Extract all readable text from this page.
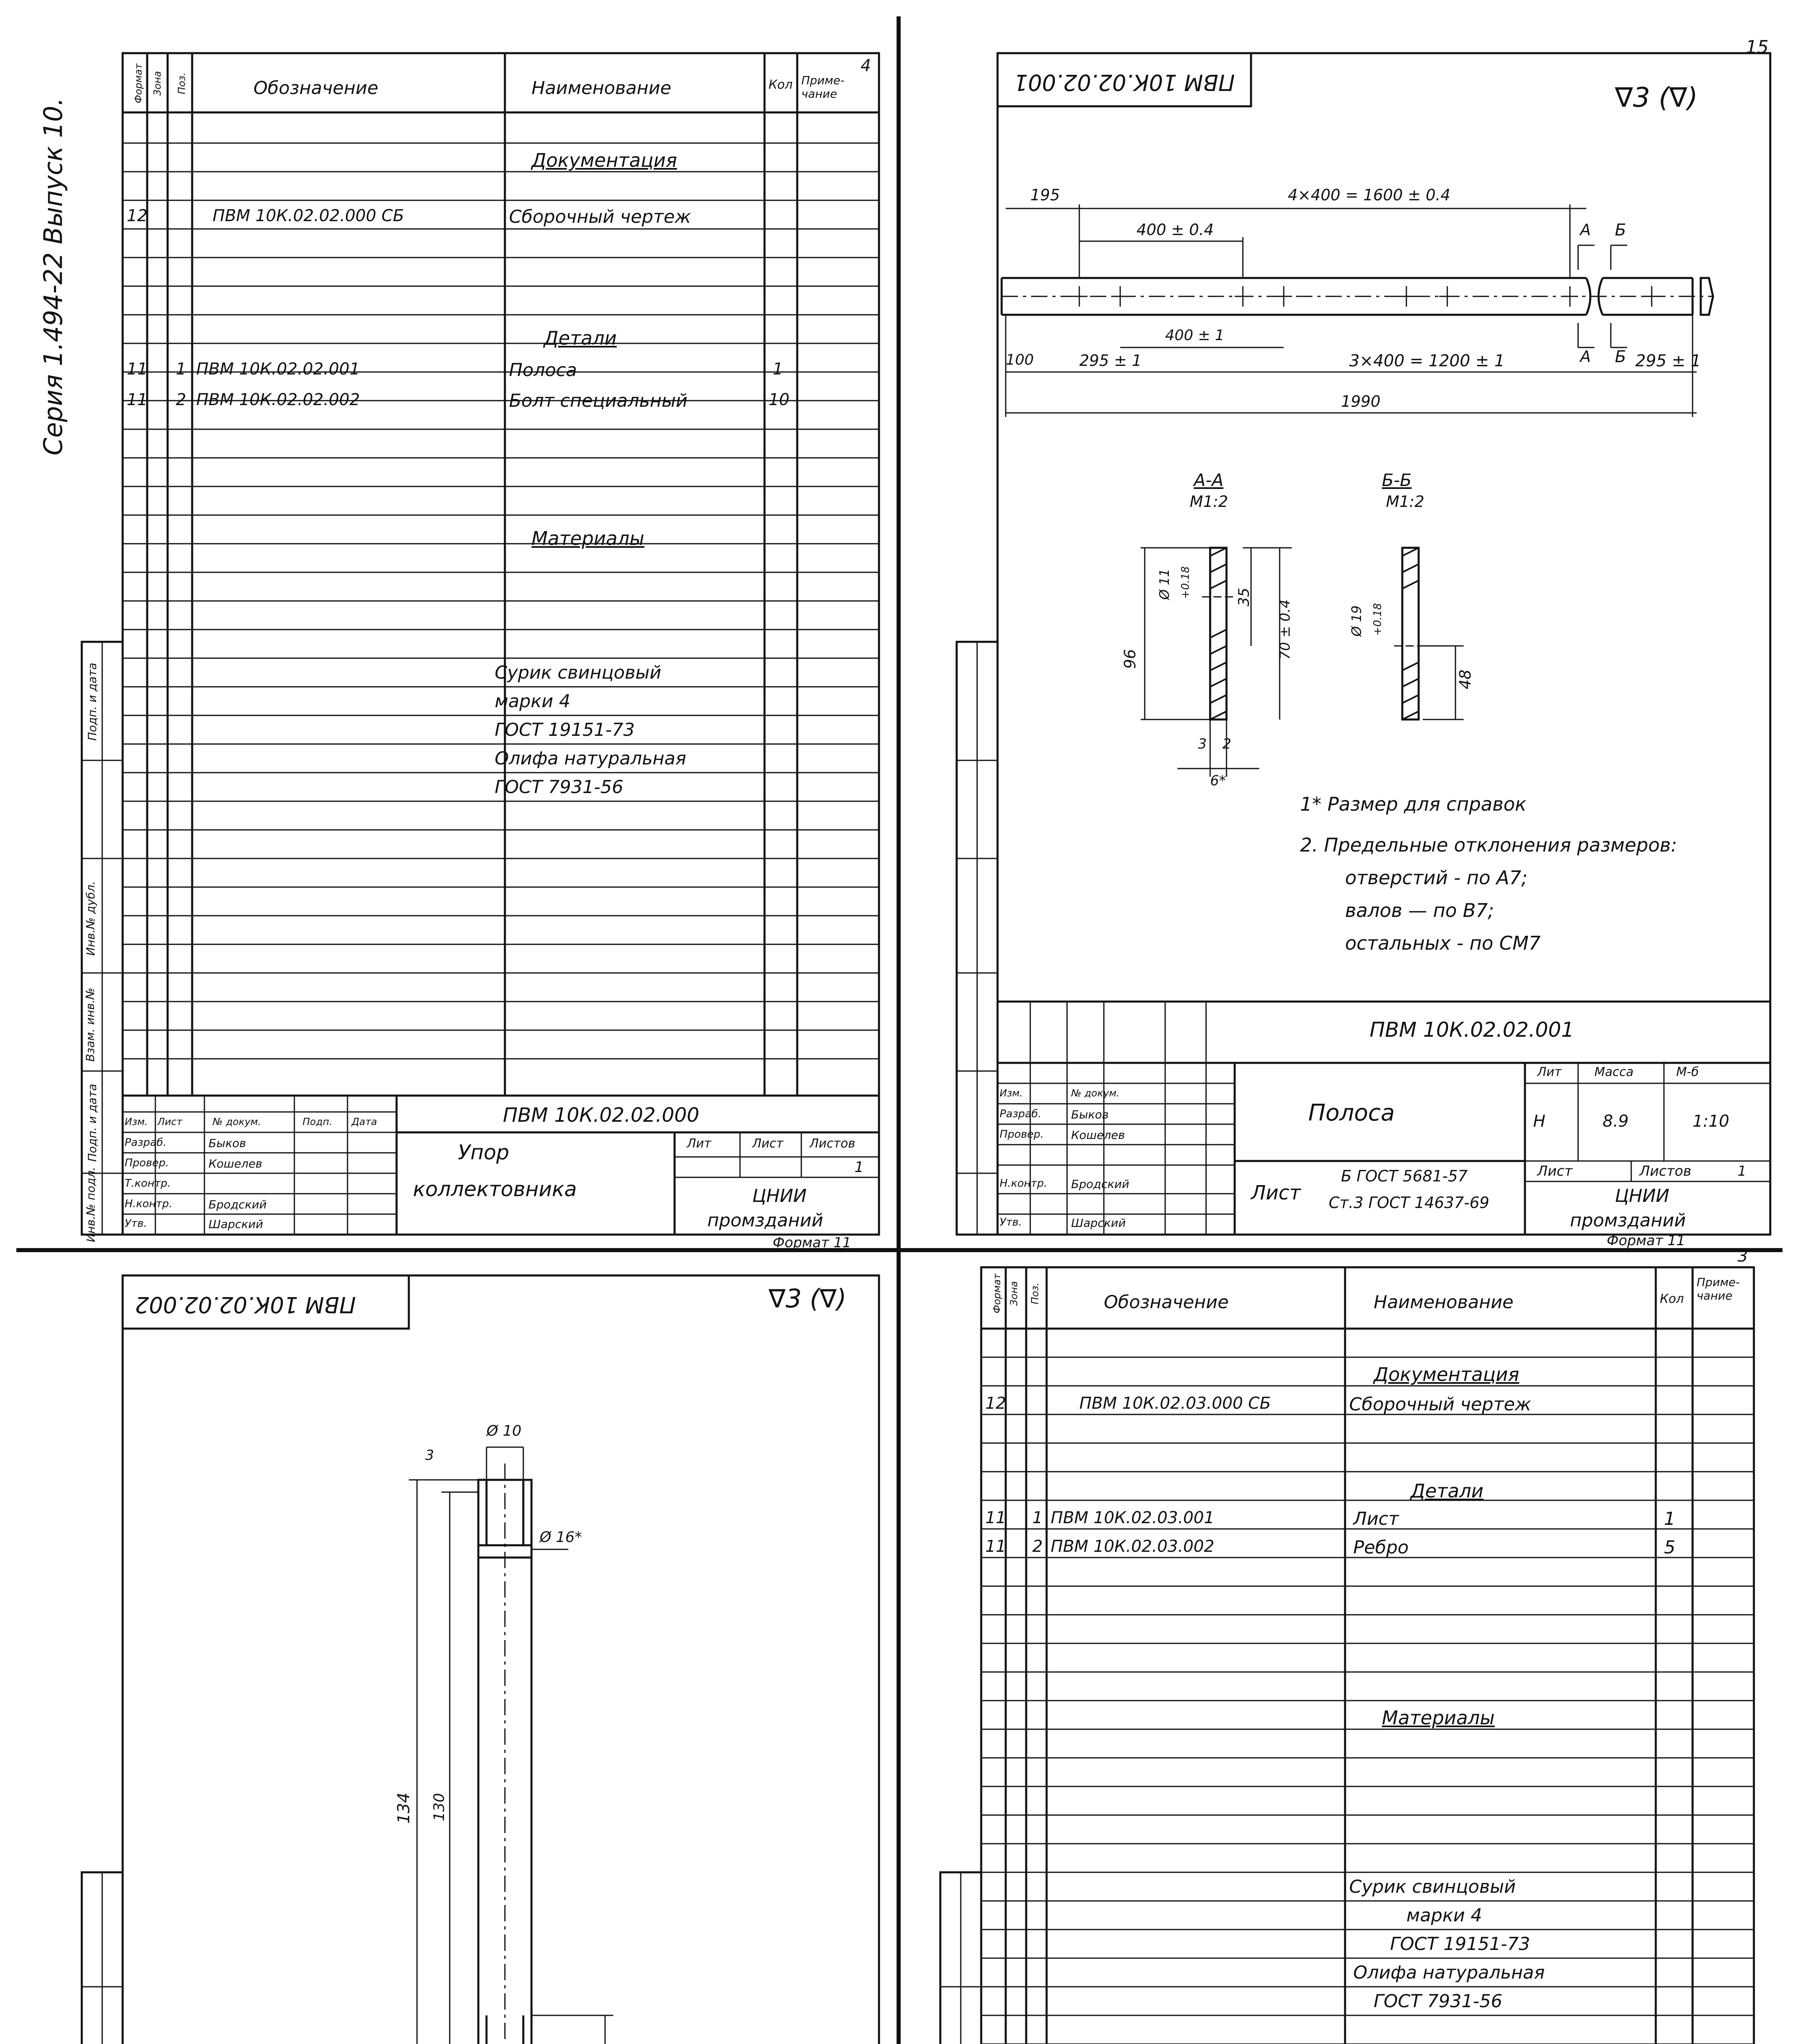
4
Серия 1.494-22 Выпуск 10.
Формат Зона Поз.	Обозначение	Наименование	Кол Приме- чание
Документация
12	ПВМ 10К.02.02.000 СБ	Сборочный чертеж
Детали
11 1 ПВМ 10К.02.02.001	Полоса	1
11 2 ПВМ 10К.02.02.002	Болт специальный	10
Материалы
Сурик свинцовый
марки 4
ГОСТ 19151-73
Олифа натуральная
ГОСТ 7931-56
Инв.№ подл.
Подп. и дата
Взам. инв.№
Инв.№ дубл.
Подп. и дата
ПВМ 10К.02.02.000
Упор
коллектовника
Лит	Лист Листов
1
ЦНИИ
промзданий
Формат 11
Изм. Лист	№ докум.	Подп. Дата
Разраб.	Быков
Провер.	Кошелев
Т.контр.
Н.контр.	Бродский
Утв.	Шарский
15
ПВМ 10К.02.02.001	∇3 (∇)
195	4×400 = 1600 ± 0.4
400 ± 0.4
400 ± 1
100	295 ± 1	3×400 = 1200 ± 1	295 ± 1
1990
А Б
А Б
А-А
М1:2
96
Ø 11 +0.18	35
70 ± 0.4
3 2
6*
Б-Б
М1:2
Ø 19 +0.18
48
1* Размер для справок
2. Предельные отклонения размеров:
отверстий - по А7;
валов — по В7;
остальных - по СМ7
ПВМ 10К.02.02.001
Полоса
Лит	Масса	М-б
Н	8.9	1:10
Лист	Листов	1
Лист
Б ГОСТ 5681-57
Ст.3 ГОСТ 14637-69	ЦНИИ
промзданий
Формат 11
Изм.	№ докум.
Разраб.	Быков
Провер. Кошелев
Н.контр. Бродский
Утв.	Шарский
ПВМ 10К.02.02.002	∇3 (∇)
Ø 10
Ø 16*
3
134 130
3
Формат Зона Поз.	Обозначение	Наименование	Кол
Приме- чание
Документация
12	ПВМ 10К.02.03.000 СБ	Сборочный чертеж
Детали
11 1 ПВМ 10К.02.03.001	Лист	1
11 2 ПВМ 10К.02.03.002	Ребро	5
Материалы
Сурик свинцовый
марки 4
ГОСТ 19151-73
Олифа натуральная
ГОСТ 7931-56
